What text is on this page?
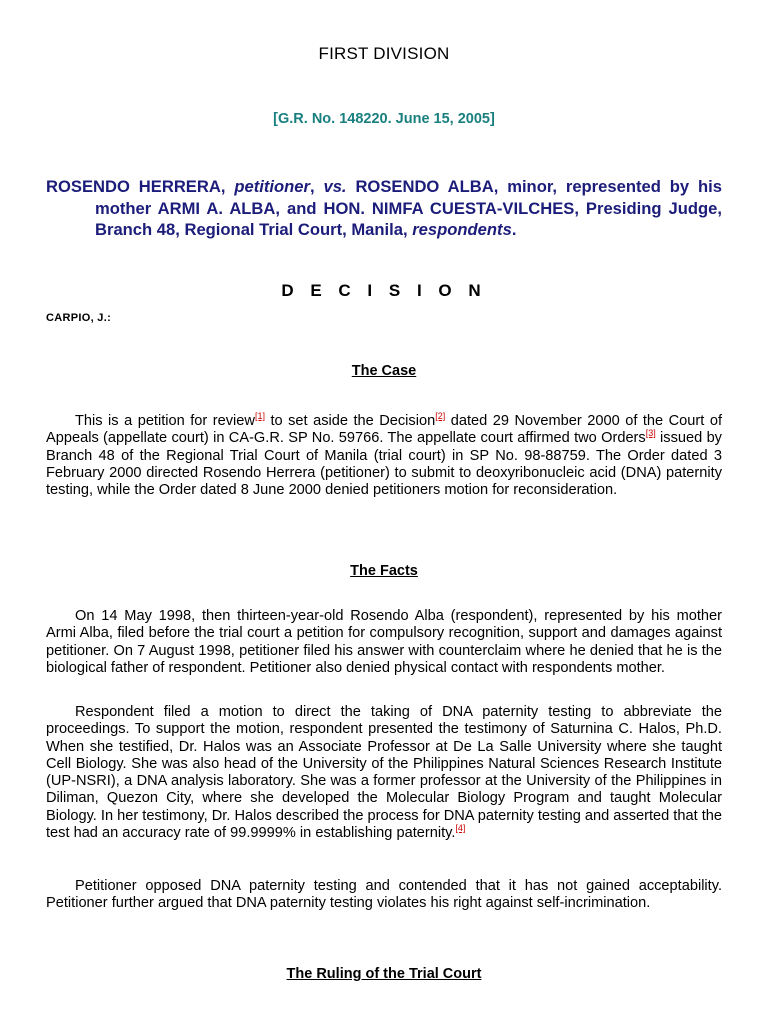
FIRST DIVISION
[G.R. No. 148220. June 15, 2005]
ROSENDO HERRERA, petitioner, vs. ROSENDO ALBA, minor, represented by his mother ARMI A. ALBA, and HON. NIMFA CUESTA-VILCHES, Presiding Judge, Branch 48, Regional Trial Court, Manila, respondents.
D E C I S I O N
CARPIO, J.:
The Case
This is a petition for review[1] to set aside the Decision[2] dated 29 November 2000 of the Court of Appeals (appellate court) in CA-G.R. SP No. 59766. The appellate court affirmed two Orders[3] issued by Branch 48 of the Regional Trial Court of Manila (trial court) in SP No. 98-88759. The Order dated 3 February 2000 directed Rosendo Herrera (petitioner) to submit to deoxyribonucleic acid (DNA) paternity testing, while the Order dated 8 June 2000 denied petitioners motion for reconsideration.
The Facts
On 14 May 1998, then thirteen-year-old Rosendo Alba (respondent), represented by his mother Armi Alba, filed before the trial court a petition for compulsory recognition, support and damages against petitioner. On 7 August 1998, petitioner filed his answer with counterclaim where he denied that he is the biological father of respondent. Petitioner also denied physical contact with respondents mother.
Respondent filed a motion to direct the taking of DNA paternity testing to abbreviate the proceedings. To support the motion, respondent presented the testimony of Saturnina C. Halos, Ph.D. When she testified, Dr. Halos was an Associate Professor at De La Salle University where she taught Cell Biology. She was also head of the University of the Philippines Natural Sciences Research Institute (UP-NSRI), a DNA analysis laboratory. She was a former professor at the University of the Philippines in Diliman, Quezon City, where she developed the Molecular Biology Program and taught Molecular Biology. In her testimony, Dr. Halos described the process for DNA paternity testing and asserted that the test had an accuracy rate of 99.9999% in establishing paternity.[4]
Petitioner opposed DNA paternity testing and contended that it has not gained acceptability. Petitioner further argued that DNA paternity testing violates his right against self-incrimination.
The Ruling of the Trial Court
